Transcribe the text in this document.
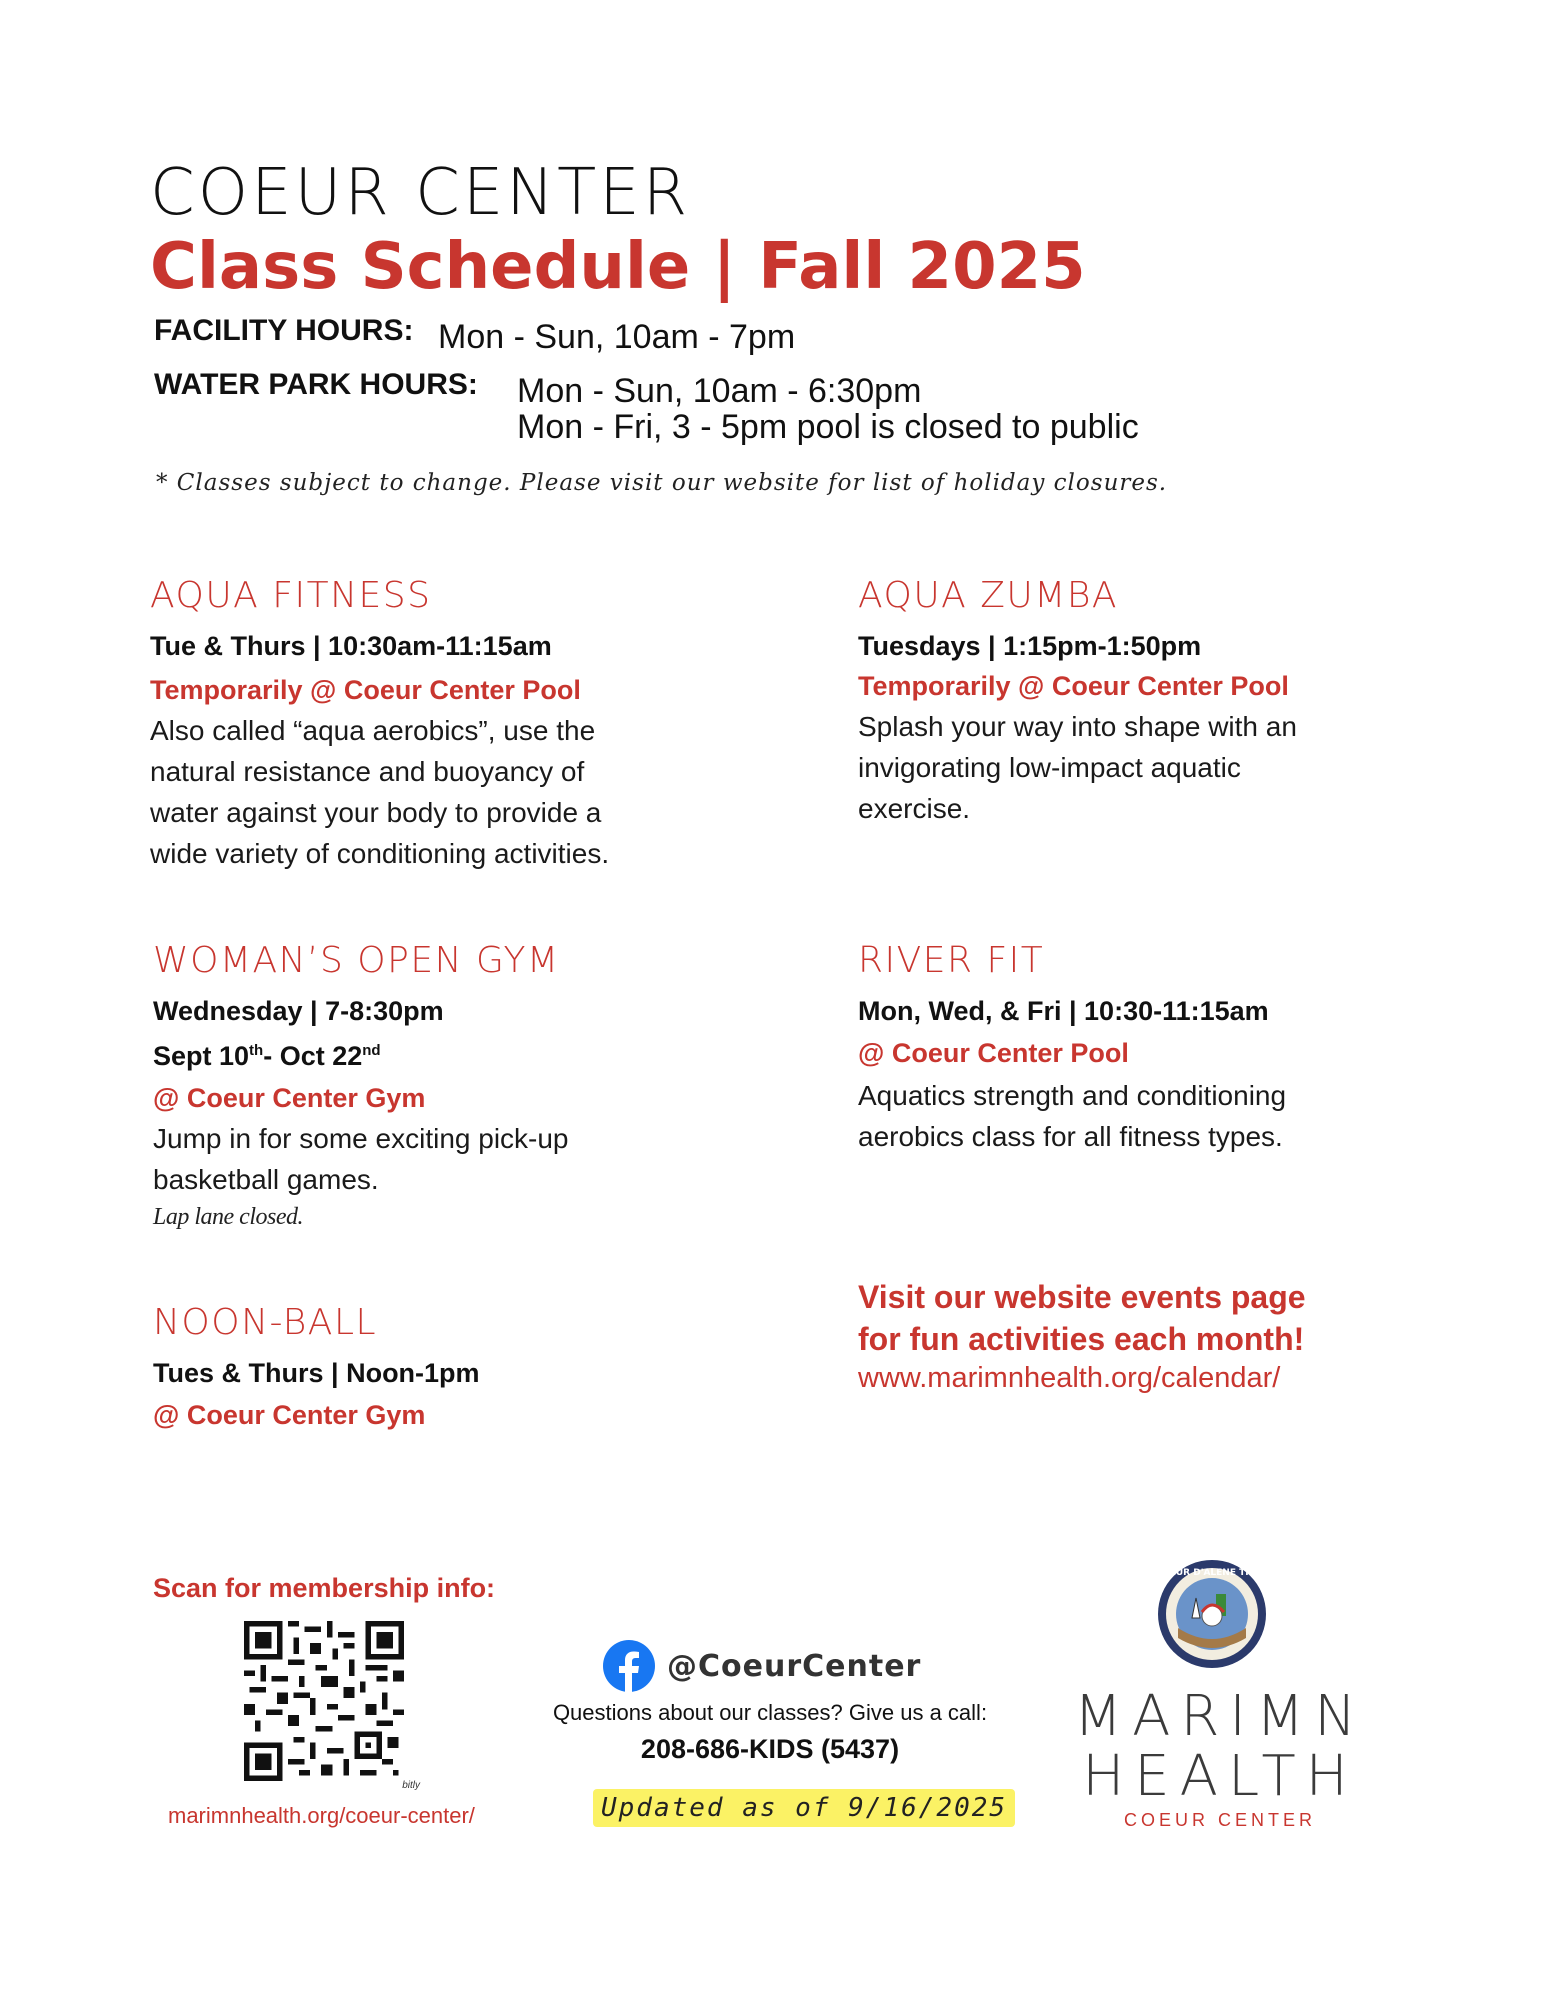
COEUR CENTER
Class Schedule | Fall 2025
FACILITY HOURS: Mon - Sun, 10am - 7pm
WATER PARK HOURS: Mon - Sun, 10am - 6:30pm
Mon - Fri, 3 - 5pm pool is closed to public
* Classes subject to change. Please visit our website for list of holiday closures.
AQUA FITNESS
Tue & Thurs | 10:30am-11:15am
Temporarily @ Coeur Center Pool
Also called “aqua aerobics”, use the
natural resistance and buoyancy of
water against your body to provide a
wide variety of conditioning activities.
AQUA ZUMBA
Tuesdays | 1:15pm-1:50pm
Temporarily @ Coeur Center Pool
Splash your way into shape with an
invigorating low-impact aquatic
exercise.
WOMAN’S OPEN GYM
Wednesday | 7-8:30pm
Sept 10th- Oct 22nd
@ Coeur Center Gym
Jump in for some exciting pick-up
basketball games.
Lap lane closed.
RIVER FIT
Mon, Wed, & Fri | 10:30-11:15am
@ Coeur Center Pool
Aquatics strength and conditioning
aerobics class for all fitness types.
NOON-BALL
Tues & Thurs | Noon-1pm
@ Coeur Center Gym
Visit our website events page
for fun activities each month!
www.marimnhealth.org/calendar/
Scan for membership info:
bitly
marimnhealth.org/coeur-center/
@CoeurCenter
Questions about our classes? Give us a call:
208-686-KIDS (5437)
Updated as of 9/16/2025
COEUR D'ALENE TRIBE
MARIMN
HEALTH
COEUR CENTER
